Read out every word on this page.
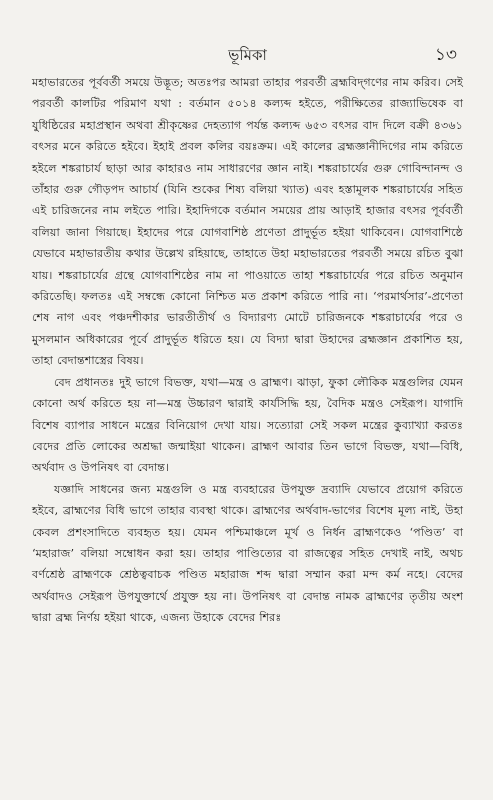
ভূমিকা	১৩

মহাভারতের পূর্ববর্তী সময়ে উদ্ভূত; অতঃপর আমরা তাহার পরবর্তী ব্রহ্মবিদ্‌গণের নাম করিব। সেই পরবর্তী কালটির পরিমাণ যথা : বর্তমান ৫০১৪ কল্যব্দ হইতে, পরীক্ষিতের রাজ্যাভিষেক বা যুধিষ্ঠিরের মহাপ্রস্থান অথবা শ্রীকৃষ্ণের দেহত্যাগ পর্যন্ত কল্যব্দ ৬৫৩ বৎসর বাদ দিলে বক্রী ৪৩৬১ বৎসর মনে করিতে হইবে। ইহাই প্রবল কলির বয়ঃক্রম। এই কালের ব্রহ্মজ্ঞানীদিগের নাম করিতে হইলে শঙ্করাচার্য ছাড়া আর কাহারও নাম সাধারণের জ্ঞান নাই। শঙ্করাচার্যের গুরু গোবিন্দানন্দ ও তাঁহার গুরু গৌড়পদ আচার্য (যিনি শুকের শিষ্য বলিয়া খ্যাত) এবং হস্তামূলক শঙ্করাচার্যের সহিত এই চারিজনের নাম লইতে পারি। ইহাদিগকে বর্তমান সময়ের প্রায় আড়াই হাজার বৎসর পূর্ববর্তী বলিয়া জানা গিয়াছে। ইহাদের পরে যোগবাশিষ্ঠ প্রণেতা প্রাদুর্ভূত হইয়া থাকিবেন। যোগবাশিষ্ঠে যেভাবে মহাভারতীয় কথার উল্লেখ রহিয়াছে, তাহাতে উহা মহাভারতের পরবর্তী সময়ে রচিত বুঝা যায়। শঙ্করাচার্যের গ্রন্থে যোগবাশিষ্ঠের নাম না পাওয়াতে তাহা শঙ্করাচার্যের পরে রচিত অনুমান করিতেছি। ফলতঃ এই সম্বন্ধে কোনো নিশ্চিত মত প্রকাশ করিতে পারি না। ‘পরমার্থসার’-প্রণেতা শেষ নাগ এবং পঞ্চদশীকার ভারতীতীর্থ ও বিদ্যারণ্য মোটে চারিজনকে শঙ্করাচার্যের পরে ও মুসলমান অধিকারের পূর্বে প্রাদুর্ভূত ধরিতে হয়। যে বিদ্যা দ্বারা উহাদের ব্রহ্মজ্ঞান প্রকাশিত হয়, তাহা বেদান্তশাস্ত্রের বিষয়।

বেদ প্রধানতঃ দুই ভাগে বিভক্ত, যথা—মন্ত্র ও ব্রাহ্মণ। ঝাড়া, ফুকা লৌকিক মন্ত্রগুলির যেমন কোনো অর্থ করিতে হয় না—মন্ত্র উচ্চারণ দ্বারাই কার্যসিদ্ধি হয়, বৈদিক মন্ত্রও সেইরূপ। যাগাদি বিশেষ ব্যাপার সাধনে মন্ত্রের বিনিয়োগ দেখা যায়। সত্যোরা সেই সকল মন্ত্রের কুব্যাখ্যা করতঃ বেদের প্রতি লোকের অশ্রদ্ধা জন্মাইয়া থাকেন। ব্রাহ্মণ আবার তিন ভাগে বিভক্ত, যথা—বিধি, অর্থবাদ ও উপনিষৎ বা বেদান্ত।

যজ্ঞাদি সাধনের জন্য মন্ত্রগুলি ও মন্ত্র ব্যবহারের উপযুক্ত দ্রব্যাদি যেভাবে প্রয়োগ করিতে হইবে, ব্রাহ্মণের বিধি ভাগে তাহার ব্যবস্থা থাকে। ব্রাহ্মণের অর্থবাদ-ভাগের বিশেষ মূল্য নাই, উহা কেবল প্রশংসাদিতে ব্যবহৃত হয়। যেমন পশ্চিমাঞ্চলে মূর্খ ও নির্ধন ব্রাহ্মণকেও ‘পণ্ডিত’ বা ‘মহারাজ’ বলিয়া সম্বোধন করা হয়। তাহার পাণ্ডিত্যের বা রাজত্বের সহিত দেখাই নাই, অথচ বর্ণশ্রেষ্ঠ ব্রাহ্মণকে শ্রেষ্ঠত্ববাচক পণ্ডিত মহারাজ শব্দ দ্বারা সম্মান করা মন্দ কর্ম নহে। বেদের অর্থবাদও সেইরূপ উপযুক্তার্থে প্রযুক্ত হয় না। উপনিষৎ বা বেদান্ত নামক ব্রাহ্মণের তৃতীয় অংশ দ্বারা ব্রহ্ম নির্ণয় হইয়া থাকে, এজন্য উহাকে বেদের শিরঃ
